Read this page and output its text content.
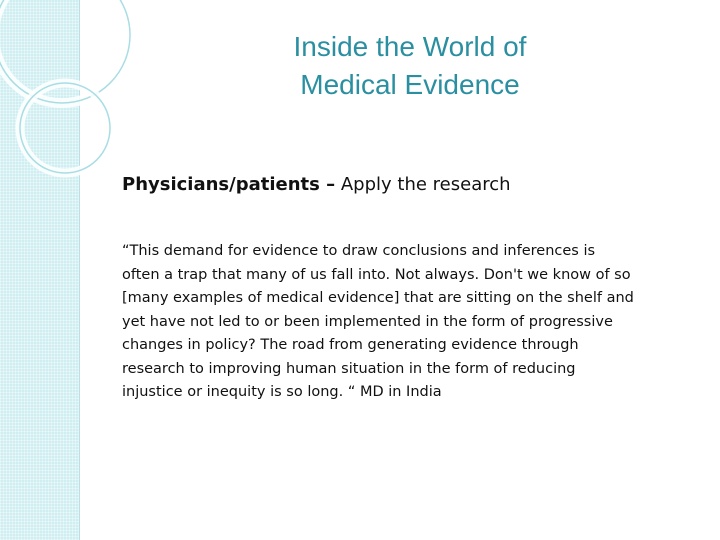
Inside the World of
Medical Evidence
Physicians/patients – Apply the research
“This demand for evidence to draw conclusions and inferences is
often a trap that many of us fall into. Not always. Don't we know of so
[many examples of medical evidence] that are sitting on the shelf and
yet have not led to or been implemented in the form of progressive
changes in policy? The road from generating evidence through
research to improving human situation in the form of reducing
injustice or inequity is so long. “ MD in India
